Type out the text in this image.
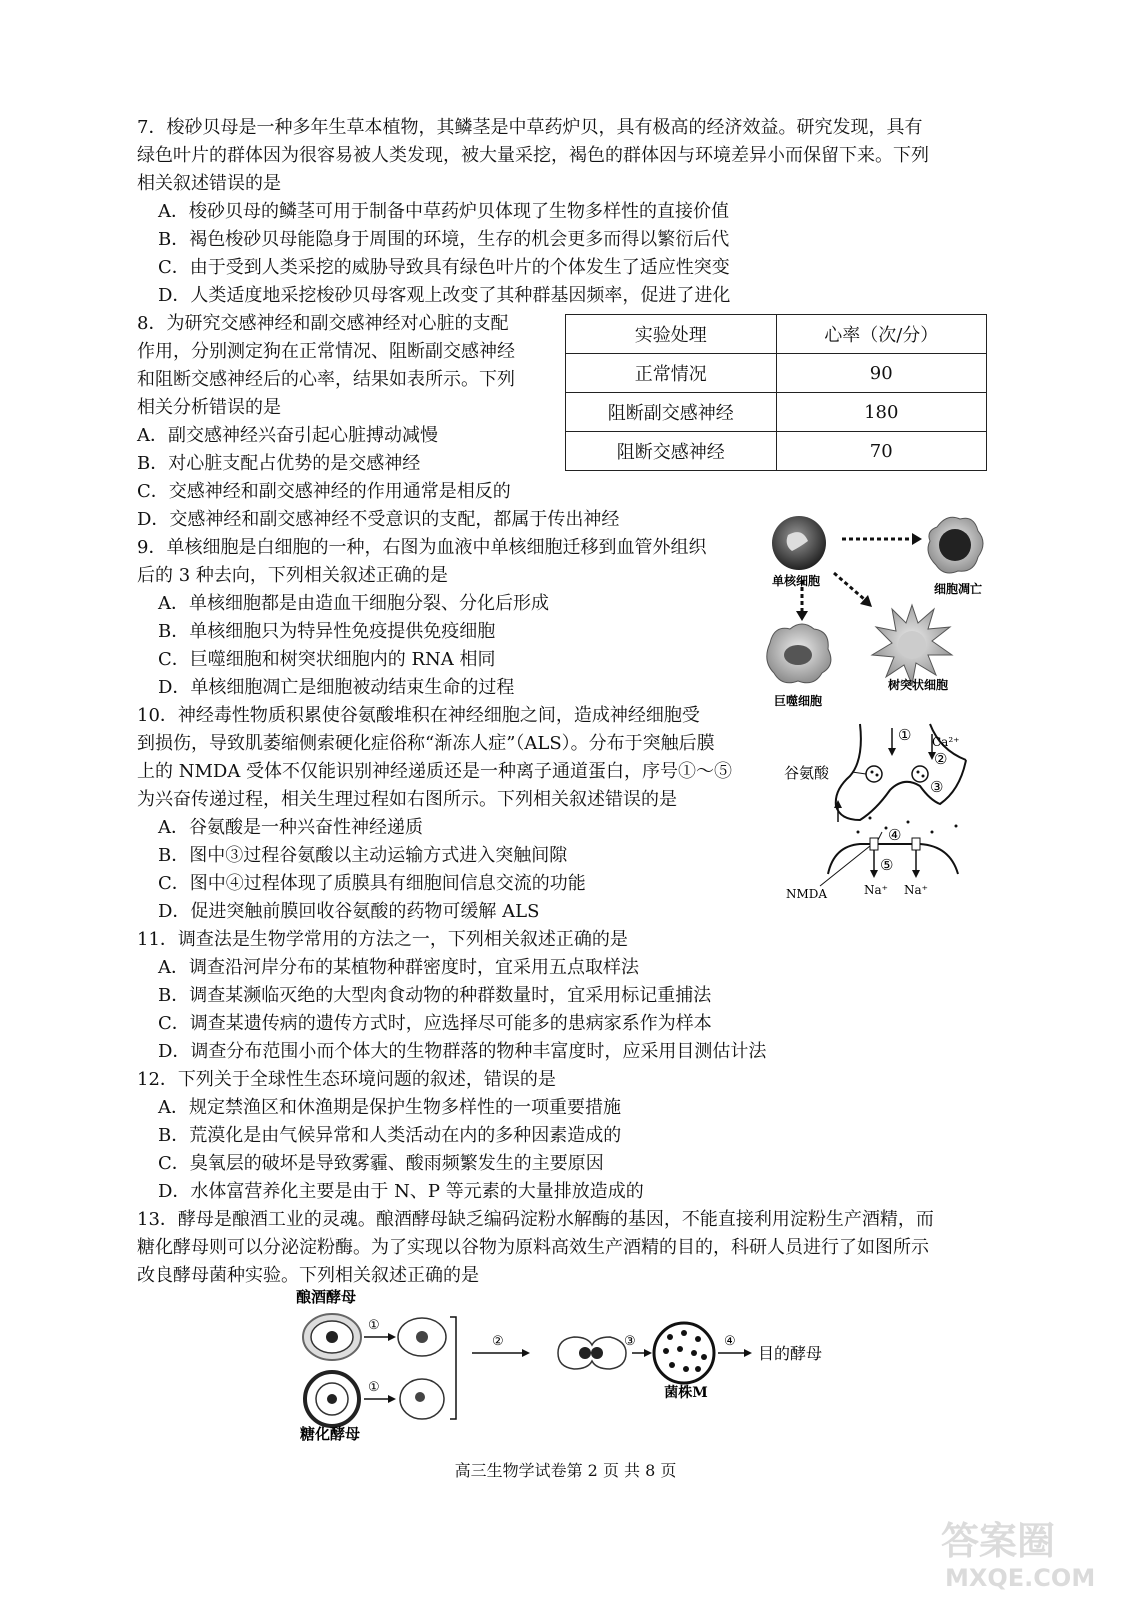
7．梭砂贝母是一种多年生草本植物，其鳞茎是中草药炉贝，具有极高的经济效益。研究发现，具有
绿色叶片的群体因为很容易被人类发现，被大量采挖，褐色的群体因与环境差异小而保留下来。下列
相关叙述错误的是
A．梭砂贝母的鳞茎可用于制备中草药炉贝体现了生物多样性的直接价值
B．褐色梭砂贝母能隐身于周围的环境，生存的机会更多而得以繁衍后代
C．由于受到人类采挖的威胁导致具有绿色叶片的个体发生了适应性突变
D．人类适度地采挖梭砂贝母客观上改变了其种群基因频率，促进了进化
8．为研究交感神经和副交感神经对心脏的支配
作用，分别测定狗在正常情况、阻断副交感神经
和阻断交感神经后的心率，结果如表所示。下列
相关分析错误的是
A．副交感神经兴奋引起心脏搏动减慢
B．对心脏支配占优势的是交感神经
C．交感神经和副交感神经的作用通常是相反的
D．交感神经和副交感神经不受意识的支配，都属于传出神经
实验处理	心率（次/分）
正常情况	90
阻断副交感神经	180
阻断交感神经	70
9．单核细胞是白细胞的一种，右图为血液中单核细胞迁移到血管外组织
后的 3 种去向，下列相关叙述正确的是
A．单核细胞都是由造血干细胞分裂、分化后形成
B．单核细胞只为特异性免疫提供免疫细胞
C．巨噬细胞和树突状细胞内的 RNA 相同
D．单核细胞凋亡是细胞被动结束生命的过程
单核细胞
细胞凋亡
巨噬细胞
树突状细胞
10．神经毒性物质积累使谷氨酸堆积在神经细胞之间，造成神经细胞受
到损伤，导致肌萎缩侧索硬化症俗称“渐冻人症”（ALS）。分布于突触后膜
上的 NMDA 受体不仅能识别神经递质还是一种离子通道蛋白，序号①～⑤
为兴奋传递过程，相关生理过程如右图所示。下列相关叙述错误的是
A．谷氨酸是一种兴奋性神经递质
B．图中③过程谷氨酸以主动运输方式进入突触间隙
C．图中④过程体现了质膜具有细胞间信息交流的功能
D．促进突触前膜回收谷氨酸的药物可缓解 ALS
① Ca²⁺
②
谷氨酸
③
④
⑤
NMDA	Na⁺ Na⁺
11．调查法是生物学常用的方法之一，下列相关叙述正确的是
A．调查沿河岸分布的某植物种群密度时，宜采用五点取样法
B．调查某濒临灭绝的大型肉食动物的种群数量时，宜采用标记重捕法
C．调查某遗传病的遗传方式时，应选择尽可能多的患病家系作为样本
D．调查分布范围小而个体大的生物群落的物种丰富度时，应采用目测估计法
12．下列关于全球性生态环境问题的叙述，错误的是
A．规定禁渔区和休渔期是保护生物多样性的一项重要措施
B．荒漠化是由气候异常和人类活动在内的多种因素造成的
C．臭氧层的破坏是导致雾霾、酸雨频繁发生的主要原因
D．水体富营养化主要是由于 N、P 等元素的大量排放造成的
13．酵母是酿酒工业的灵魂。酿酒酵母缺乏编码淀粉水解酶的基因，不能直接利用淀粉生产酒精，而
糖化酵母则可以分泌淀粉酶。为了实现以谷物为原料高效生产酒精的目的，科研人员进行了如图所示
改良酵母菌种实验。下列相关叙述正确的是
酿酒酵母
①
①
②	③
菌株M
④
目的酵母
糖化酵母
高三生物学试卷第 2 页 共 8 页
答案圈
MXQE.COM
